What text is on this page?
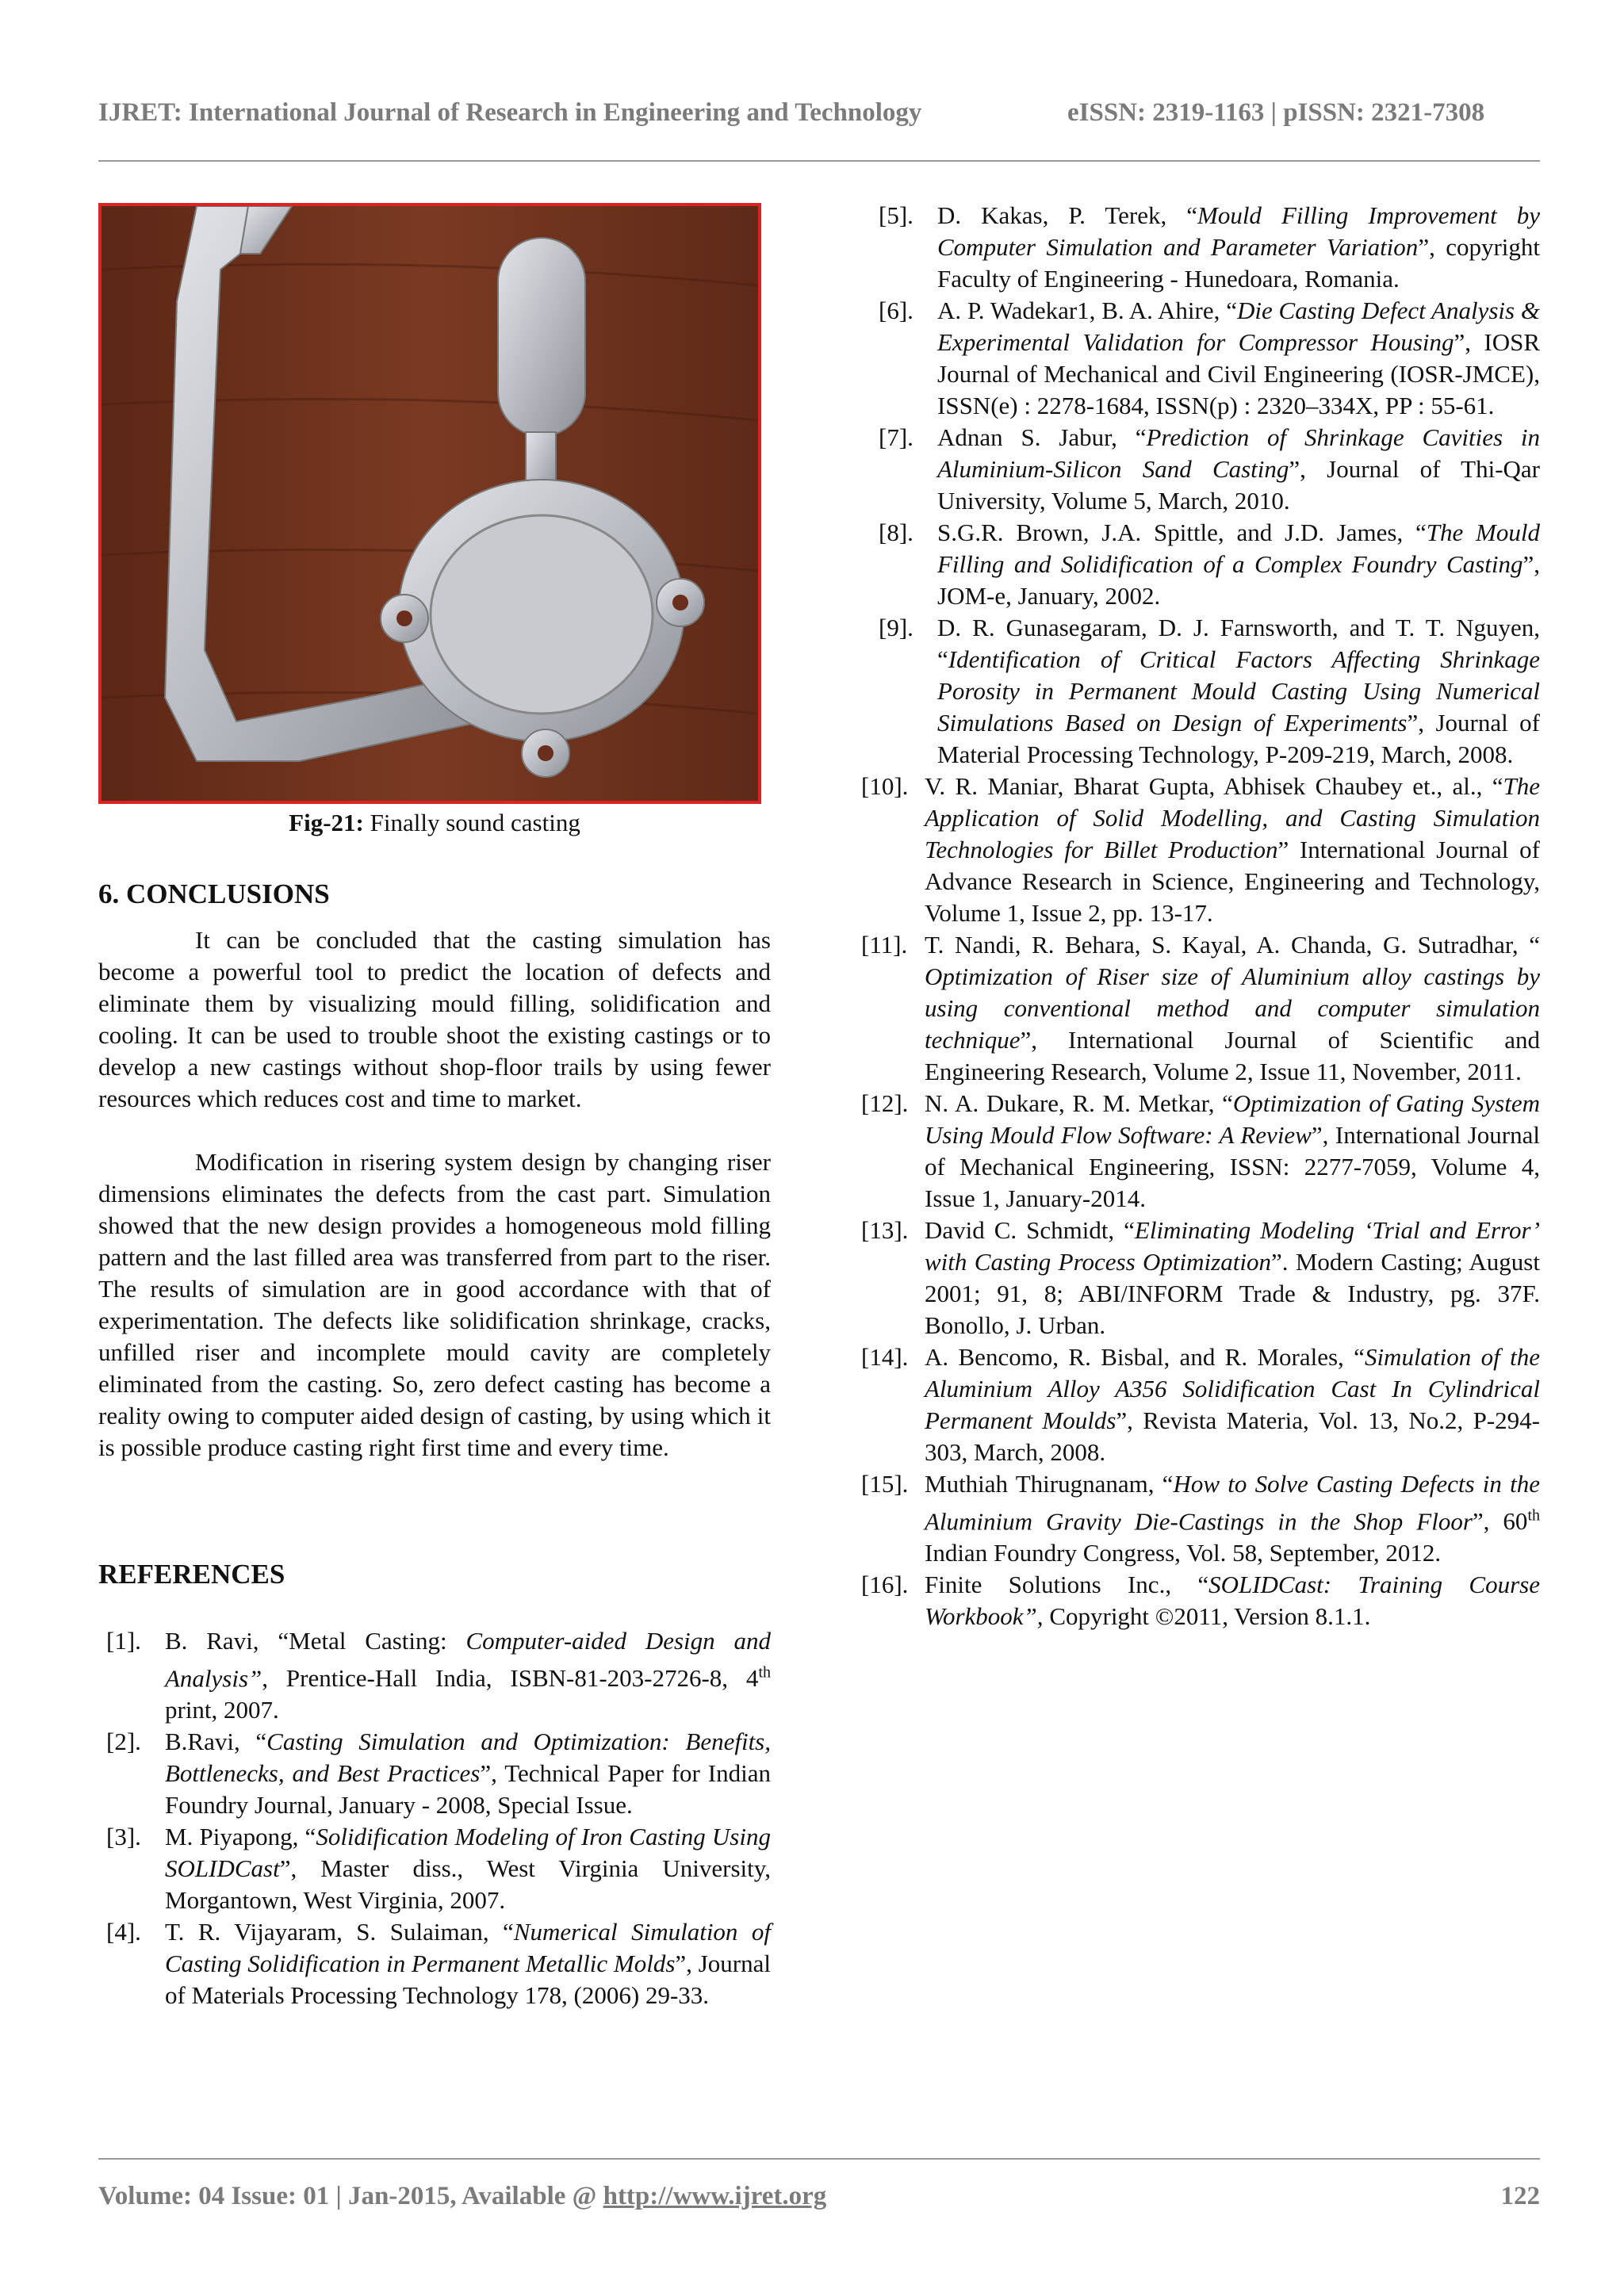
IJRET: International Journal of Research in Engineering and Technology	eISSN: 2319-1163 | pISSN: 2321-7308
Fig-21: Finally sound casting
6. CONCLUSIONS
It can be concluded that the casting simulation has become a powerful tool to predict the location of defects and eliminate them by visualizing mould filling, solidification and cooling. It can be used to trouble shoot the existing castings or to develop a new castings without shop-floor trails by using fewer resources which reduces cost and time to market.
Modification in risering system design by changing riser dimensions eliminates the defects from the cast part. Simulation showed that the new design provides a homogeneous mold filling pattern and the last filled area was transferred from part to the riser. The results of simulation are in good accordance with that of experimentation. The defects like solidification shrinkage, cracks, unfilled riser and incomplete mould cavity are completely eliminated from the casting. So, zero defect casting has become a reality owing to computer aided design of casting, by using which it is possible produce casting right first time and every time.
REFERENCES
[1]. B. Ravi, “Metal Casting: Computer-aided Design and Analysis”, Prentice-Hall India, ISBN-81-203-2726-8, 4th print, 2007.
[2]. B.Ravi, “Casting Simulation and Optimization: Benefits, Bottlenecks, and Best Practices”, Technical Paper for Indian Foundry Journal, January - 2008, Special Issue.
[3]. M. Piyapong, “Solidification Modeling of Iron Casting Using SOLIDCast”, Master diss., West Virginia University, Morgantown, West Virginia, 2007.
[4]. T. R. Vijayaram, S. Sulaiman, “Numerical Simulation of Casting Solidification in Permanent Metallic Molds”, Journal of Materials Processing Technology 178, (2006) 29-33.
[5]. D. Kakas, P. Terek, “Mould Filling Improvement by Computer Simulation and Parameter Variation”, copyright Faculty of Engineering - Hunedoara, Romania.
[6]. A. P. Wadekar1, B. A. Ahire, “Die Casting Defect Analysis & Experimental Validation for Compressor Housing”, IOSR Journal of Mechanical and Civil Engineering (IOSR-JMCE), ISSN(e) : 2278-1684, ISSN(p) : 2320–334X, PP : 55-61.
[7]. Adnan S. Jabur, “Prediction of Shrinkage Cavities in Aluminium-Silicon Sand Casting”, Journal of Thi-Qar University, Volume 5, March, 2010.
[8]. S.G.R. Brown, J.A. Spittle, and J.D. James, “The Mould Filling and Solidification of a Complex Foundry Casting”, JOM-e, January, 2002.
[9]. D. R. Gunasegaram, D. J. Farnsworth, and T. T. Nguyen, “Identification of Critical Factors Affecting Shrinkage Porosity in Permanent Mould Casting Using Numerical Simulations Based on Design of Experiments”, Journal of Material Processing Technology, P-209-219, March, 2008.
[10]. V. R. Maniar, Bharat Gupta, Abhisek Chaubey et., al., “The Application of Solid Modelling, and Casting Simulation Technologies for Billet Production” International Journal of Advance Research in Science, Engineering and Technology, Volume 1, Issue 2, pp. 13-17.
[11]. T. Nandi, R. Behara, S. Kayal, A. Chanda, G. Sutradhar, “ Optimization of Riser size of Aluminium alloy castings by using conventional method and computer simulation technique”, International Journal of Scientific and Engineering Research, Volume 2, Issue 11, November, 2011.
[12]. N. A. Dukare, R. M. Metkar, “Optimization of Gating System Using Mould Flow Software: A Review”, International Journal of Mechanical Engineering, ISSN: 2277-7059, Volume 4, Issue 1, January-2014.
[13]. David C. Schmidt, “Eliminating Modeling ‘Trial and Error’ with Casting Process Optimization”. Modern Casting; August 2001; 91, 8; ABI/INFORM Trade & Industry, pg. 37F. Bonollo, J. Urban.
[14]. A. Bencomo, R. Bisbal, and R. Morales, “Simulation of the Aluminium Alloy A356 Solidification Cast In Cylindrical Permanent Moulds”, Revista Materia, Vol. 13, No.2, P-294-303, March, 2008.
[15]. Muthiah Thirugnanam, “How to Solve Casting Defects in the Aluminium Gravity Die-Castings in the Shop Floor”, 60th Indian Foundry Congress, Vol. 58, September, 2012.
[16]. Finite Solutions Inc., “SOLIDCast: Training Course Workbook”, Copyright ©2011, Version 8.1.1.
Volume: 04 Issue: 01 | Jan-2015, Available @ http://www.ijret.org	122
